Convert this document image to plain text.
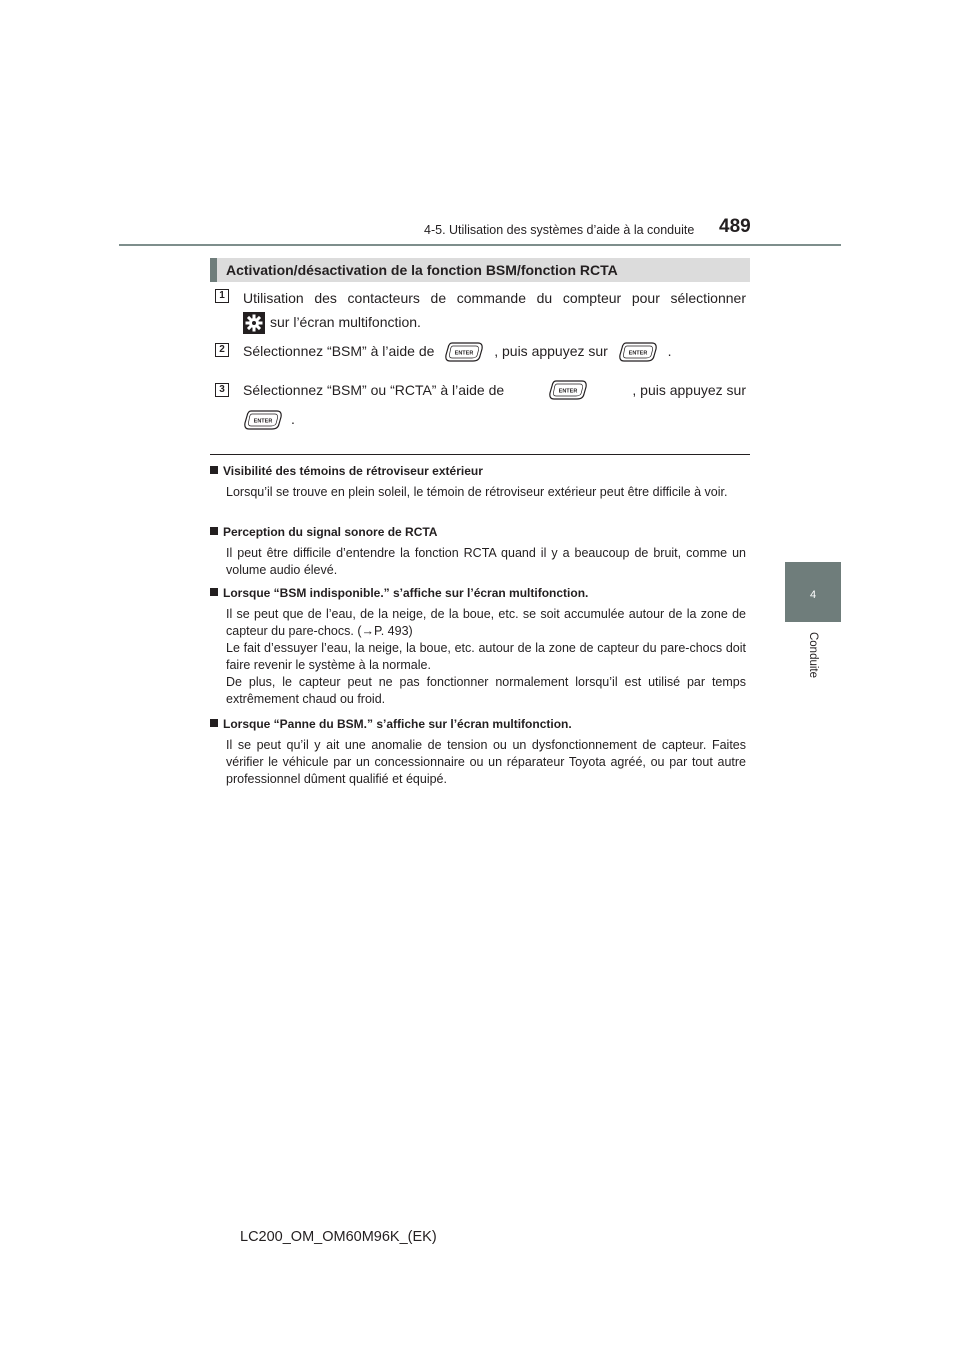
4-5. Utilisation des systèmes d’aide à la conduite 489
4
Conduite
Activation/désactivation de la fonction BSM/fonction RCTA
1	Utilisation des contacteurs de commande du compteur pour sélectionner
sur l’écran multifonction.
2	Sélectionnez “BSM” à l’aide de	ENTER , puis appuyez sur	ENTER .
3	Sélectionnez “BSM” ou “RCTA” à l’aide de	ENTER	, puis appuyez sur
ENTER .
Visibilité des témoins de rétroviseur extérieur
Lorsqu’il se trouve en plein soleil, le témoin de rétroviseur extérieur peut être difficile à voir.
Perception du signal sonore de RCTA
Il peut être difficile d’entendre la fonction RCTA quand il y a beaucoup de bruit, comme un volume audio élevé.
Lorsque “BSM indisponible.” s’affiche sur l’écran multifonction.
Il se peut que de l’eau, de la neige, de la boue, etc. se soit accumulée autour de la zone de capteur du pare-chocs. (→P. 493)
Le fait d’essuyer l’eau, la neige, la boue, etc. autour de la zone de capteur du pare-chocs doit faire revenir le système à la normale.
De plus, le capteur peut ne pas fonctionner normalement lorsqu’il est utilisé par temps extrêmement chaud ou froid.
Lorsque “Panne du BSM.” s’affiche sur l’écran multifonction.
Il se peut qu’il y ait une anomalie de tension ou un dysfonctionnement de capteur. Faites vérifier le véhicule par un concessionnaire ou un réparateur Toyota agréé, ou par tout autre professionnel dûment qualifié et équipé.
LC200_OM_OM60M96K_(EK)
